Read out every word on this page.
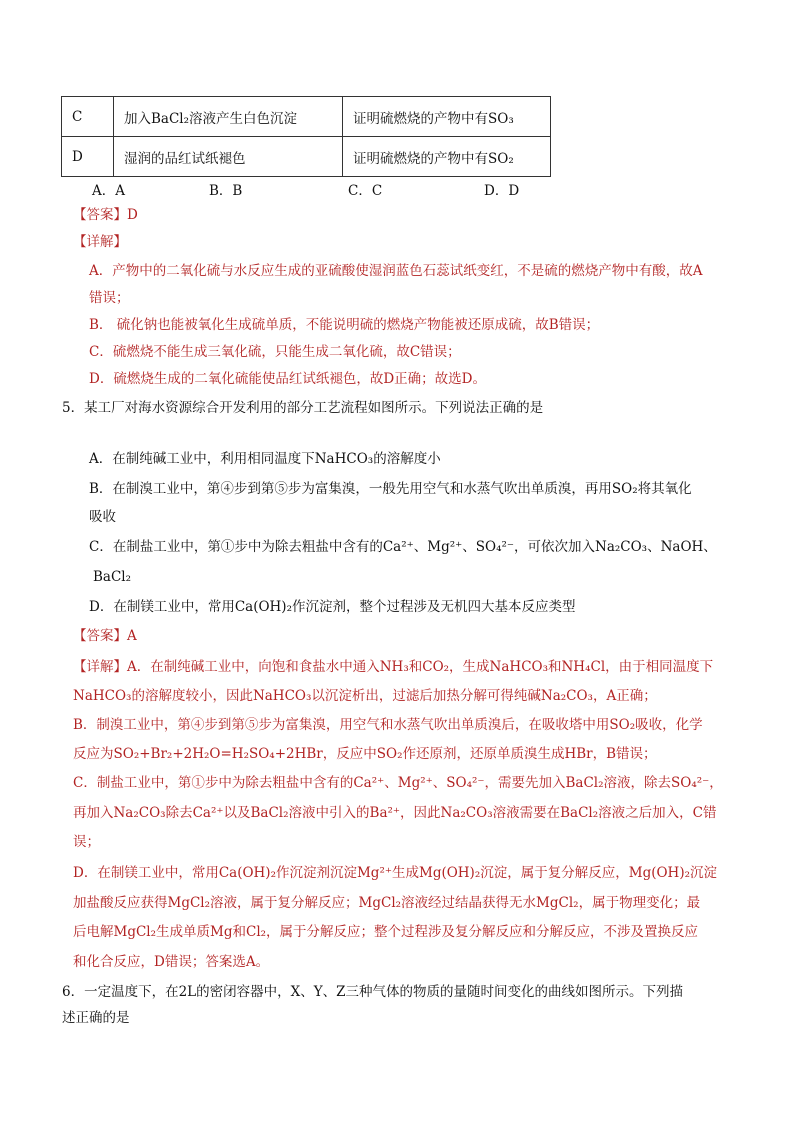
C	加入BaCl₂溶液产生白色沉淀	证明硫燃烧的产物中有SO₃
D	湿润的品红试纸褪色	证明硫燃烧的产物中有SO₂
A．A	B．B	C．C	D．D
【答案】D
【详解】
A．产物中的二氧化硫与水反应生成的亚硫酸使湿润蓝色石蕊试纸变红，不是硫的燃烧产物中有酸，故A
错误；
B． 硫化钠也能被氧化生成硫单质，不能说明硫的燃烧产物能被还原成硫，故B错误；
C．硫燃烧不能生成三氧化硫，只能生成二氧化硫，故C错误；
D．硫燃烧生成的二氧化硫能使品红试纸褪色，故D正确；故选D。
5．某工厂对海水资源综合开发利用的部分工艺流程如图所示。下列说法正确的是
A．在制纯碱工业中，利用相同温度下NaHCO₃的溶解度小
B．在制溴工业中，第④步到第⑤步为富集溴，一般先用空气和水蒸气吹出单质溴，再用SO₂将其氧化
吸收
C．在制盐工业中，第①步中为除去粗盐中含有的Ca²⁺、Mg²⁺、SO₄²⁻，可依次加入Na₂CO₃、NaOH、
BaCl₂
D．在制镁工业中，常用Ca(OH)₂作沉淀剂，整个过程涉及无机四大基本反应类型
【答案】A
【详解】A．在制纯碱工业中，向饱和食盐水中通入NH₃和CO₂，生成NaHCO₃和NH₄Cl，由于相同温度下
NaHCO₃的溶解度较小，因此NaHCO₃以沉淀析出，过滤后加热分解可得纯碱Na₂CO₃，A正确；
B．制溴工业中，第④步到第⑤步为富集溴，用空气和水蒸气吹出单质溴后，在吸收塔中用SO₂吸收，化学
反应为SO₂+Br₂+2H₂O=H₂SO₄+2HBr，反应中SO₂作还原剂，还原单质溴生成HBr，B错误；
C．制盐工业中，第①步中为除去粗盐中含有的Ca²⁺、Mg²⁺、SO₄²⁻，需要先加入BaCl₂溶液，除去SO₄²⁻，
再加入Na₂CO₃除去Ca²⁺以及BaCl₂溶液中引入的Ba²⁺，因此Na₂CO₃溶液需要在BaCl₂溶液之后加入，C错
误；
D．在制镁工业中，常用Ca(OH)₂作沉淀剂沉淀Mg²⁺生成Mg(OH)₂沉淀，属于复分解反应，Mg(OH)₂沉淀
加盐酸反应获得MgCl₂溶液，属于复分解反应；MgCl₂溶液经过结晶获得无水MgCl₂，属于物理变化；最
后电解MgCl₂生成单质Mg和Cl₂，属于分解反应；整个过程涉及复分解反应和分解反应，不涉及置换反应
和化合反应，D错误；答案选A。
6．一定温度下，在2L的密闭容器中，X、Y、Z三种气体的物质的量随时间变化的曲线如图所示。下列描
述正确的是
